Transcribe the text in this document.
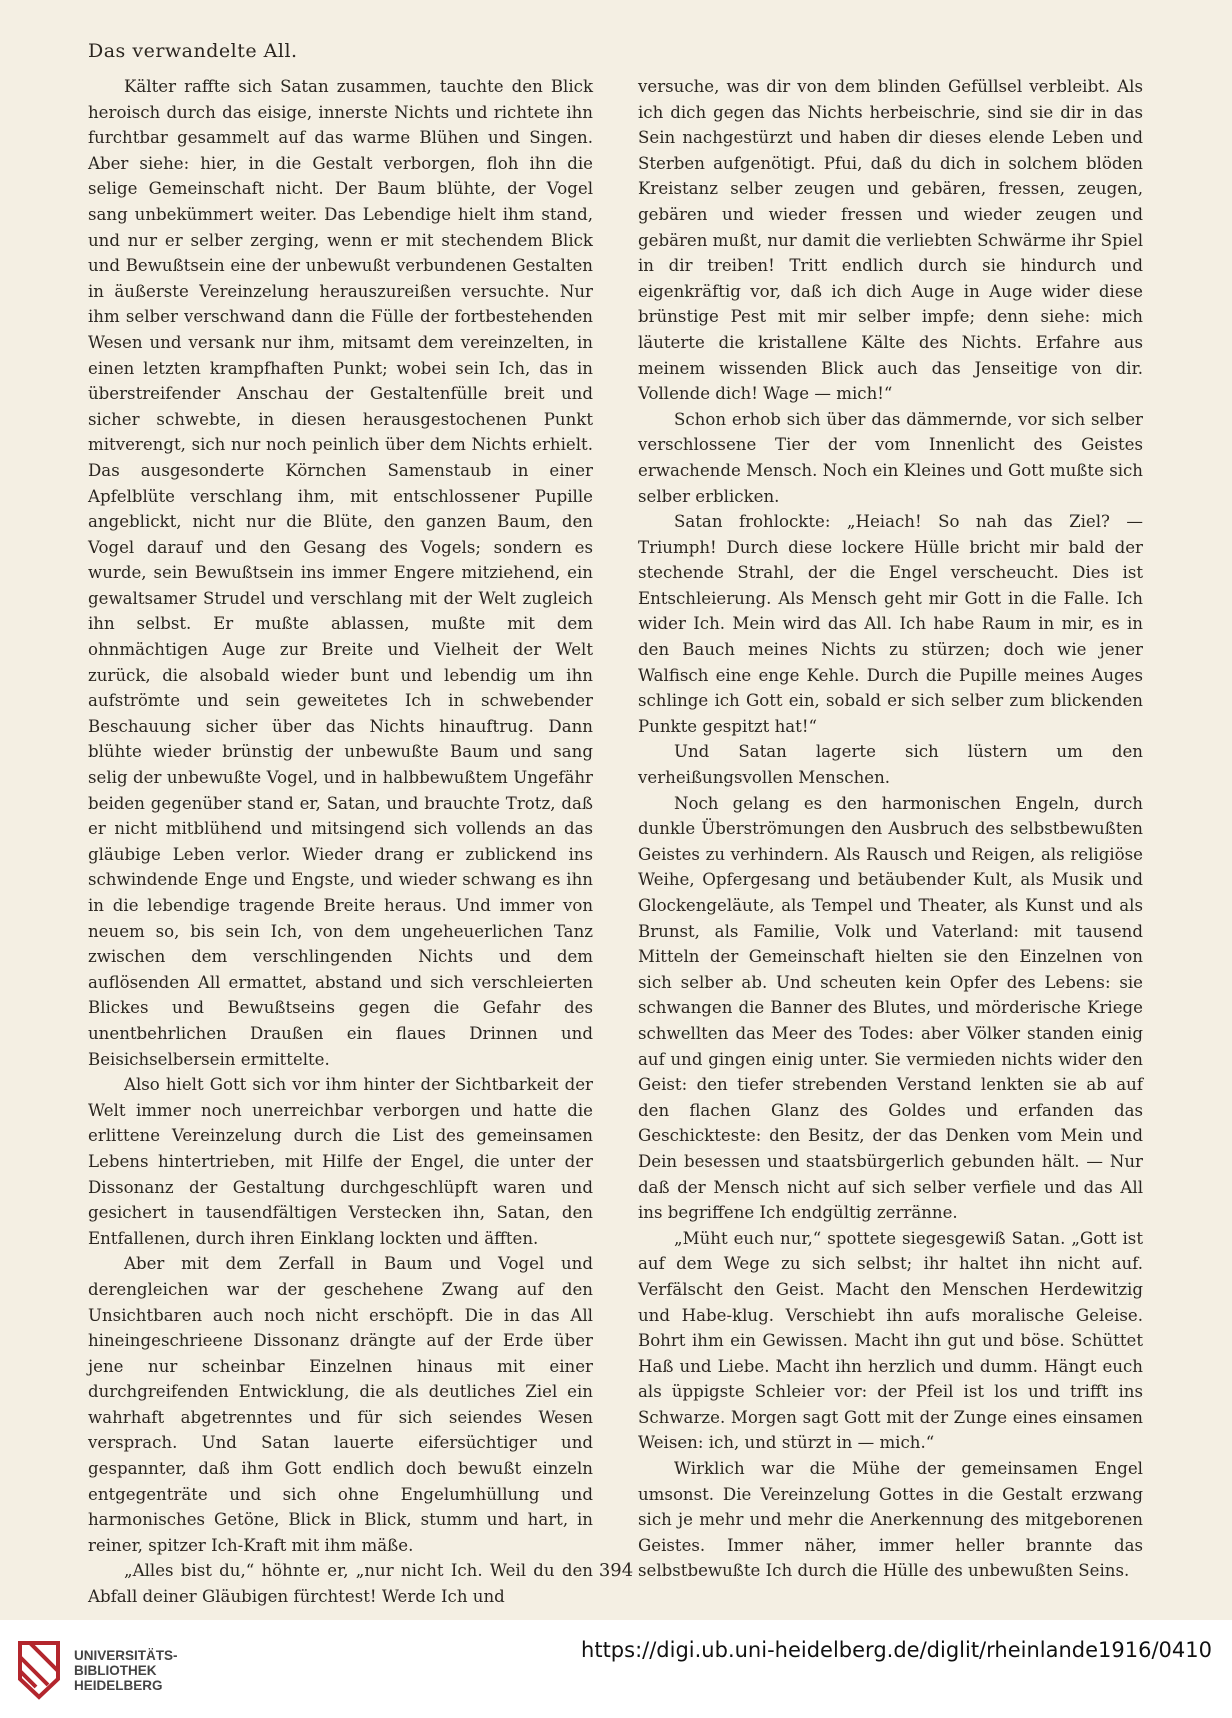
Das verwandelte All.

Kälter raffte sich Satan zusammen, tauchte den Blick heroisch durch das eisige, innerste Nichts und richtete ihn furchtbar gesammelt auf das warme Blühen und Singen. Aber siehe: hier, in die Gestalt verborgen, floh ihn die selige Gemeinschaft nicht. Der Baum blühte, der Vogel sang unbekümmert weiter. Das Lebendige hielt ihm stand, und nur er selber zerging, wenn er mit stechendem Blick und Bewußtsein eine der unbewußt verbundenen Gestalten in äußerste Vereinzelung herauszureißen versuchte. Nur ihm selber verschwand dann die Fülle der fortbestehenden Wesen und versank nur ihm, mitsamt dem vereinzelten, in einen letzten krampfhaften Punkt; wobei sein Ich, das in überstreifender Anschau der Gestaltenfülle breit und sicher schwebte, in diesen herausgestochenen Punkt mitverengt, sich nur noch peinlich über dem Nichts erhielt. Das ausgesonderte Körnchen Samenstaub in einer Apfelblüte verschlang ihm, mit entschlossener Pupille angeblickt, nicht nur die Blüte, den ganzen Baum, den Vogel darauf und den Gesang des Vogels; sondern es wurde, sein Bewußtsein ins immer Engere mitziehend, ein gewaltsamer Strudel und verschlang mit der Welt zugleich ihn selbst. Er mußte ablassen, mußte mit dem ohnmächtigen Auge zur Breite und Vielheit der Welt zurück, die alsobald wieder bunt und lebendig um ihn aufströmte und sein geweitetes Ich in schwebender Beschauung sicher über das Nichts hinauftrug. Dann blühte wieder brünstig der unbewußte Baum und sang selig der unbewußte Vogel, und in halbbewußtem Ungefähr beiden gegenüber stand er, Satan, und brauchte Trotz, daß er nicht mitblühend und mitsingend sich vollends an das gläubige Leben verlor. Wieder drang er zublickend ins schwindende Enge und Engste, und wieder schwang es ihn in die lebendige tragende Breite heraus. Und immer von neuem so, bis sein Ich, von dem ungeheuerlichen Tanz zwischen dem verschlingenden Nichts und dem auflösenden All ermattet, abstand und sich verschleierten Blickes und Bewußtseins gegen die Gefahr des unentbehrlichen Draußen ein flaues Drinnen und Beisichselbersein ermittelte.

Also hielt Gott sich vor ihm hinter der Sichtbarkeit der Welt immer noch unerreichbar verborgen und hatte die erlittene Vereinzelung durch die List des gemeinsamen Lebens hintertrieben, mit Hilfe der Engel, die unter der Dissonanz der Gestaltung durchgeschlüpft waren und gesichert in tausendfältigen Verstecken ihn, Satan, den Entfallenen, durch ihren Einklang lockten und äfften.

Aber mit dem Zerfall in Baum und Vogel und derengleichen war der geschehene Zwang auf den Unsichtbaren auch noch nicht erschöpft. Die in das All hineingeschrieene Dissonanz drängte auf der Erde über jene nur scheinbar Einzelnen hinaus mit einer durchgreifenden Entwicklung, die als deutliches Ziel ein wahrhaft abgetrenntes und für sich seiendes Wesen versprach. Und Satan lauerte eifersüchtiger und gespannter, daß ihm Gott endlich doch bewußt einzeln entgegenträte und sich ohne Engelumhüllung und harmonisches Getöne, Blick in Blick, stumm und hart, in reiner, spitzer Ich-Kraft mit ihm mäße.

„Alles bist du,“ höhnte er, „nur nicht Ich. Weil du den Abfall deiner Gläubigen fürchtest! Werde Ich und

versuche, was dir von dem blinden Gefüllsel verbleibt. Als ich dich gegen das Nichts herbeischrie, sind sie dir in das Sein nachgestürzt und haben dir dieses elende Leben und Sterben aufgenötigt. Pfui, daß du dich in solchem blöden Kreistanz selber zeugen und gebären, fressen, zeugen, gebären und wieder fressen und wieder zeugen und gebären mußt, nur damit die verliebten Schwärme ihr Spiel in dir treiben! Tritt endlich durch sie hindurch und eigenkräftig vor, daß ich dich Auge in Auge wider diese brünstige Pest mit mir selber impfe; denn siehe: mich läuterte die kristallene Kälte des Nichts. Erfahre aus meinem wissenden Blick auch das Jenseitige von dir. Vollende dich! Wage — mich!“

Schon erhob sich über das dämmernde, vor sich selber verschlossene Tier der vom Innenlicht des Geistes erwachende Mensch. Noch ein Kleines und Gott mußte sich selber erblicken.

Satan frohlockte: „Heiach! So nah das Ziel? — Triumph! Durch diese lockere Hülle bricht mir bald der stechende Strahl, der die Engel verscheucht. Dies ist Entschleierung. Als Mensch geht mir Gott in die Falle. Ich wider Ich. Mein wird das All. Ich habe Raum in mir, es in den Bauch meines Nichts zu stürzen; doch wie jener Walfisch eine enge Kehle. Durch die Pupille meines Auges schlinge ich Gott ein, sobald er sich selber zum blickenden Punkte gespitzt hat!“

Und Satan lagerte sich lüstern um den verheißungsvollen Menschen.

Noch gelang es den harmonischen Engeln, durch dunkle Überströmungen den Ausbruch des selbstbewußten Geistes zu verhindern. Als Rausch und Reigen, als religiöse Weihe, Opfergesang und betäubender Kult, als Musik und Glockengeläute, als Tempel und Theater, als Kunst und als Brunst, als Familie, Volk und Vaterland: mit tausend Mitteln der Gemeinschaft hielten sie den Einzelnen von sich selber ab. Und scheuten kein Opfer des Lebens: sie schwangen die Banner des Blutes, und mörderische Kriege schwellten das Meer des Todes: aber Völker standen einig auf und gingen einig unter. Sie vermieden nichts wider den Geist: den tiefer strebenden Verstand lenkten sie ab auf den flachen Glanz des Goldes und erfanden das Geschickteste: den Besitz, der das Denken vom Mein und Dein besessen und staatsbürgerlich gebunden hält. — Nur daß der Mensch nicht auf sich selber verfiele und das All ins begriffene Ich endgültig zerränne.

„Müht euch nur,“ spottete siegesgewiß Satan. „Gott ist auf dem Wege zu sich selbst; ihr haltet ihn nicht auf. Verfälscht den Geist. Macht den Menschen Herdewitzig und Habe-klug. Verschiebt ihn aufs moralische Geleise. Bohrt ihm ein Gewissen. Macht ihn gut und böse. Schüttet Haß und Liebe. Macht ihn herzlich und dumm. Hängt euch als üppigste Schleier vor: der Pfeil ist los und trifft ins Schwarze. Morgen sagt Gott mit der Zunge eines einsamen Weisen: ich, und stürzt in — mich.“

Wirklich war die Mühe der gemeinsamen Engel umsonst. Die Vereinzelung Gottes in die Gestalt erzwang sich je mehr und mehr die Anerkennung des mitgeborenen Geistes. Immer näher, immer heller brannte das selbstbewußte Ich durch die Hülle des unbewußten Seins.

394
UNIVERSITÄTS-
BIBLIOTHEK
HEIDELBERG
https://digi.ub.uni-heidelberg.de/diglit/rheinlande1916/0410
